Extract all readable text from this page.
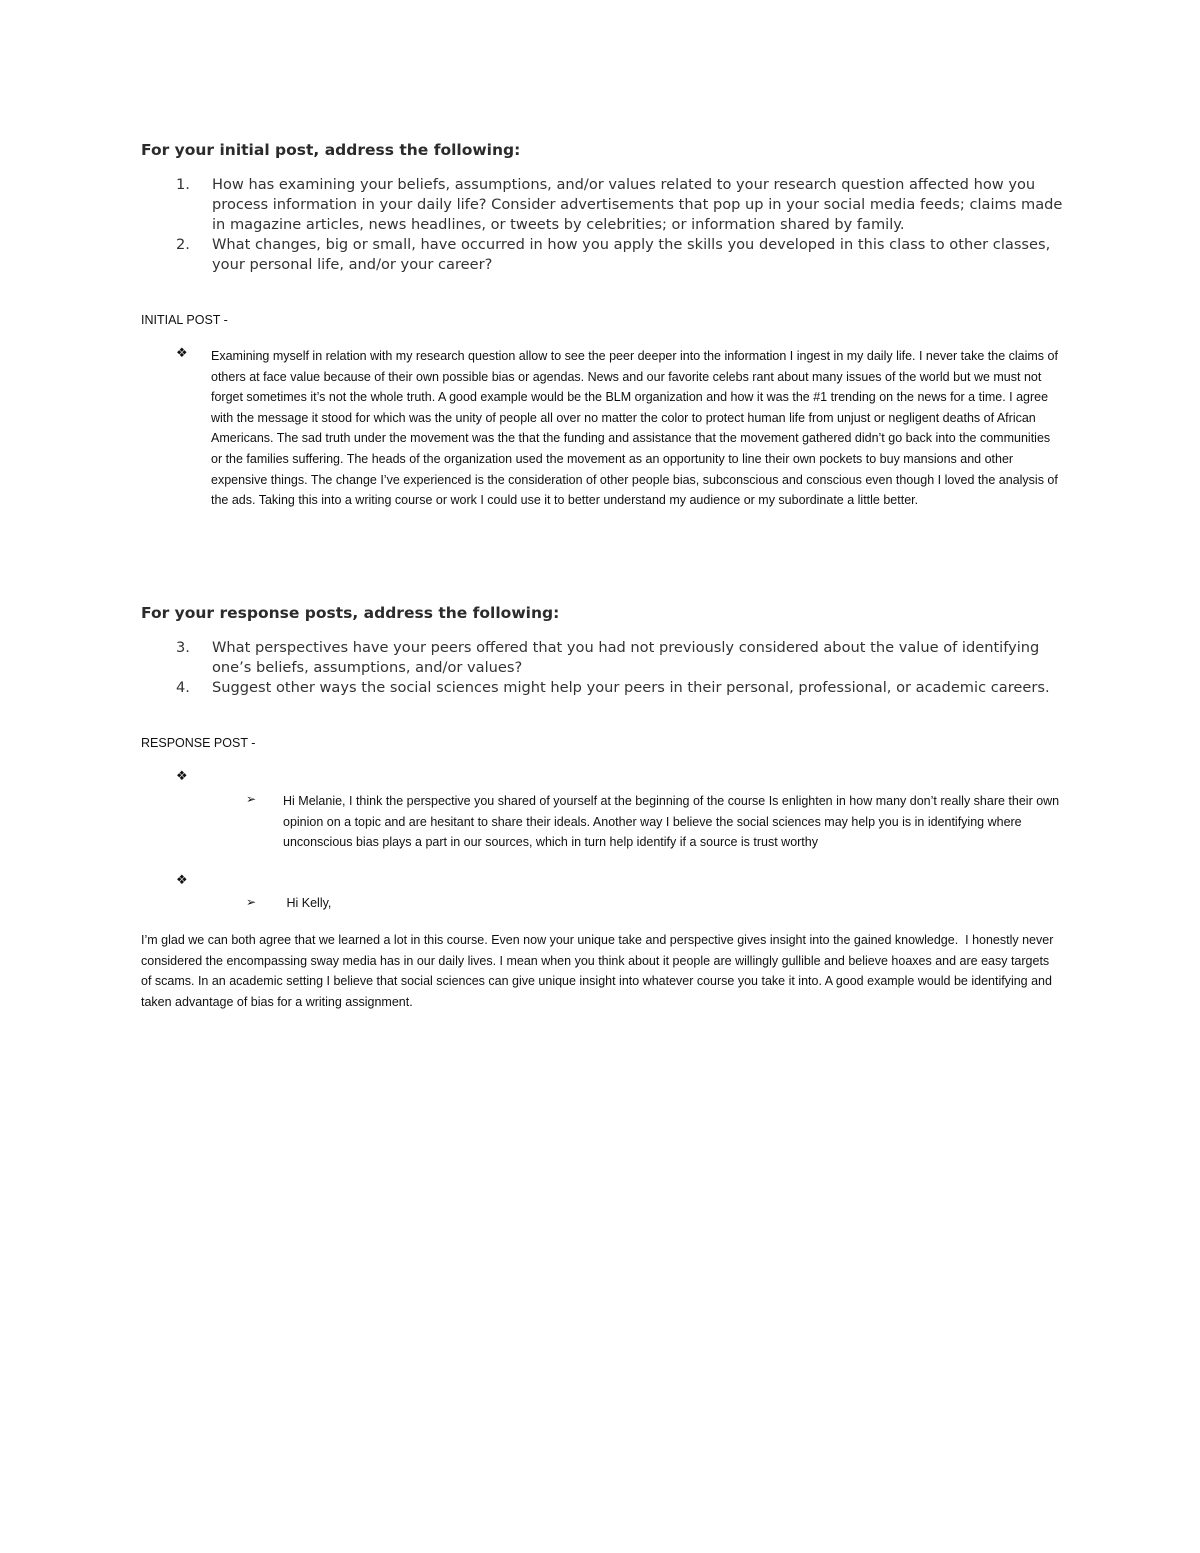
For your initial post, address the following:
1. How has examining your beliefs, assumptions, and/or values related to your research question affected how you process information in your daily life? Consider advertisements that pop up in your social media feeds; claims made in magazine articles, news headlines, or tweets by celebrities; or information shared by family.
2. What changes, big or small, have occurred in how you apply the skills you developed in this class to other classes, your personal life, and/or your career?
INITIAL POST -
❖ Examining myself in relation with my research question allow to see the peer deeper into the information I ingest in my daily life. I never take the claims of others at face value because of their own possible bias or agendas. News and our favorite celebs rant about many issues of the world but we must not forget sometimes it’s not the whole truth. A good example would be the BLM organization and how it was the #1 trending on the news for a time. I agree with the message it stood for which was the unity of people all over no matter the color to protect human life from unjust or negligent deaths of African Americans. The sad truth under the movement was the that the funding and assistance that the movement gathered didn’t go back into the communities or the families suffering. The heads of the organization used the movement as an opportunity to line their own pockets to buy mansions and other expensive things. The change I’ve experienced is the consideration of other people bias, subconscious and conscious even though I loved the analysis of the ads. Taking this into a writing course or work I could use it to better understand my audience or my subordinate a little better.
For your response posts, address the following:
3. What perspectives have your peers offered that you had not previously considered about the value of identifying one’s beliefs, assumptions, and/or values?
4. Suggest other ways the social sciences might help your peers in their personal, professional, or academic careers.
RESPONSE POST -
❖
➢ Hi Melanie, I think the perspective you shared of yourself at the beginning of the course Is enlighten in how many don’t really share their own opinion on a topic and are hesitant to share their ideals. Another way I believe the social sciences may help you is in identifying where unconscious bias plays a part in our sources, which in turn help identify if a source is trust worthy
❖
➢ Hi Kelly,
I’m glad we can both agree that we learned a lot in this course. Even now your unique take and perspective gives insight into the gained knowledge.  I honestly never considered the encompassing sway media has in our daily lives. I mean when you think about it people are willingly gullible and believe hoaxes and are easy targets of scams. In an academic setting I believe that social sciences can give unique insight into whatever course you take it into. A good example would be identifying and taken advantage of bias for a writing assignment.
